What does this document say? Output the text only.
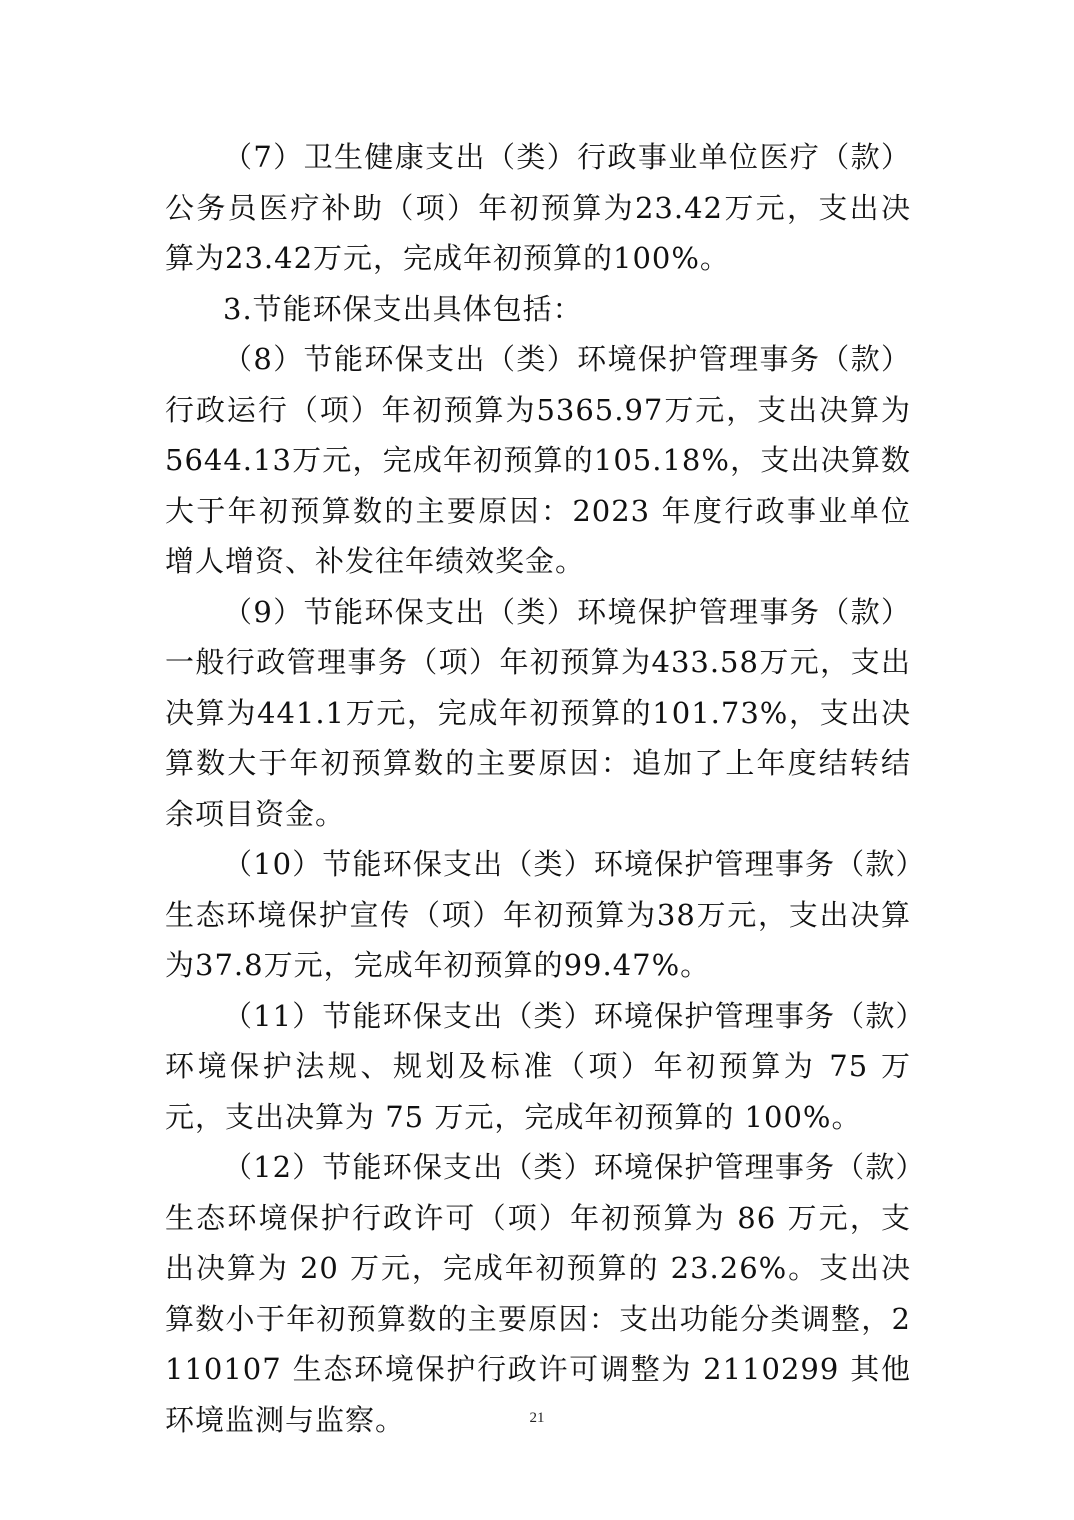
（7）卫生健康支出（类）行政事业单位医疗（款）公务员医疗补助（项）年初预算为23.42万元，支出决算为23.42万元，完成年初预算的100%。

3.节能环保支出具体包括：

（8）节能环保支出（类）环境保护管理事务（款）行政运行（项）年初预算为5365.97万元，支出决算为5644.13万元，完成年初预算的105.18%，支出决算数大于年初预算数的主要原因：2023 年度行政事业单位增人增资、补发往年绩效奖金。

（9）节能环保支出（类）环境保护管理事务（款）一般行政管理事务（项）年初预算为433.58万元，支出决算为441.1万元，完成年初预算的101.73%，支出决算数大于年初预算数的主要原因：追加了上年度结转结余项目资金。

（10）节能环保支出（类）环境保护管理事务（款）生态环境保护宣传（项）年初预算为38万元，支出决算为37.8万元，完成年初预算的99.47%。

（11）节能环保支出（类）环境保护管理事务（款）环境保护法规、规划及标准（项）年初预算为 75 万元，支出决算为 75 万元，完成年初预算的 100%。

（12）节能环保支出（类）环境保护管理事务（款）生态环境保护行政许可（项）年初预算为 86 万元，支出决算为 20 万元，完成年初预算的 23.26%。支出决算数小于年初预算数的主要原因：支出功能分类调整，2110107 生态环境保护行政许可调整为 2110299 其他环境监测与监察。	21
